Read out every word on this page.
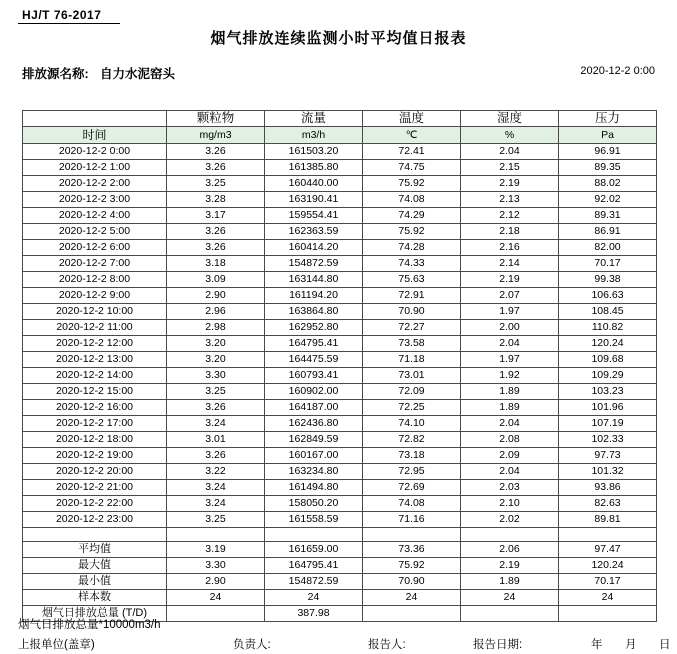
HJ/T 76-2017
烟气排放连续监测小时平均值日报表
排放源名称: 自力水泥窑头	2020-12-2 0:00
	颗粒物	流量	温度	湿度	压力
时间	mg/m3	m3/h	℃	%	Pa
2020-12-2 0:00	3.26	161503.20	72.41	2.04	96.91
2020-12-2 1:00	3.26	161385.80	74.75	2.15	89.35
2020-12-2 2:00	3.25	160440.00	75.92	2.19	88.02
2020-12-2 3:00	3.28	163190.41	74.08	2.13	92.02
2020-12-2 4:00	3.17	159554.41	74.29	2.12	89.31
2020-12-2 5:00	3.26	162363.59	75.92	2.18	86.91
2020-12-2 6:00	3.26	160414.20	74.28	2.16	82.00
2020-12-2 7:00	3.18	154872.59	74.33	2.14	70.17
2020-12-2 8:00	3.09	163144.80	75.63	2.19	99.38
2020-12-2 9:00	2.90	161194.20	72.91	2.07	106.63
2020-12-2 10:00	2.96	163864.80	70.90	1.97	108.45
2020-12-2 11:00	2.98	162952.80	72.27	2.00	110.82
2020-12-2 12:00	3.20	164795.41	73.58	2.04	120.24
2020-12-2 13:00	3.20	164475.59	71.18	1.97	109.68
2020-12-2 14:00	3.30	160793.41	73.01	1.92	109.29
2020-12-2 15:00	3.25	160902.00	72.09	1.89	103.23
2020-12-2 16:00	3.26	164187.00	72.25	1.89	101.96
2020-12-2 17:00	3.24	162436.80	74.10	2.04	107.19
2020-12-2 18:00	3.01	162849.59	72.82	2.08	102.33
2020-12-2 19:00	3.26	160167.00	73.18	2.09	97.73
2020-12-2 20:00	3.22	163234.80	72.95	2.04	101.32
2020-12-2 21:00	3.24	161494.80	72.69	2.03	93.86
2020-12-2 22:00	3.24	158050.20	74.08	2.10	82.63
2020-12-2 23:00	3.25	161558.59	71.16	2.02	89.81

平均值	3.19	161659.00	73.36	2.06	97.47
最大值	3.30	164795.41	75.92	2.19	120.24
最小值	2.90	154872.59	70.90	1.89	70.17
样本数	24	24	24	24	24
烟气日排放总量 (T/D)		387.98			
烟气日排放总量*10000m3/h
上报单位(盖章)	负责人:	报告人:	报告日期:	年 月 日
